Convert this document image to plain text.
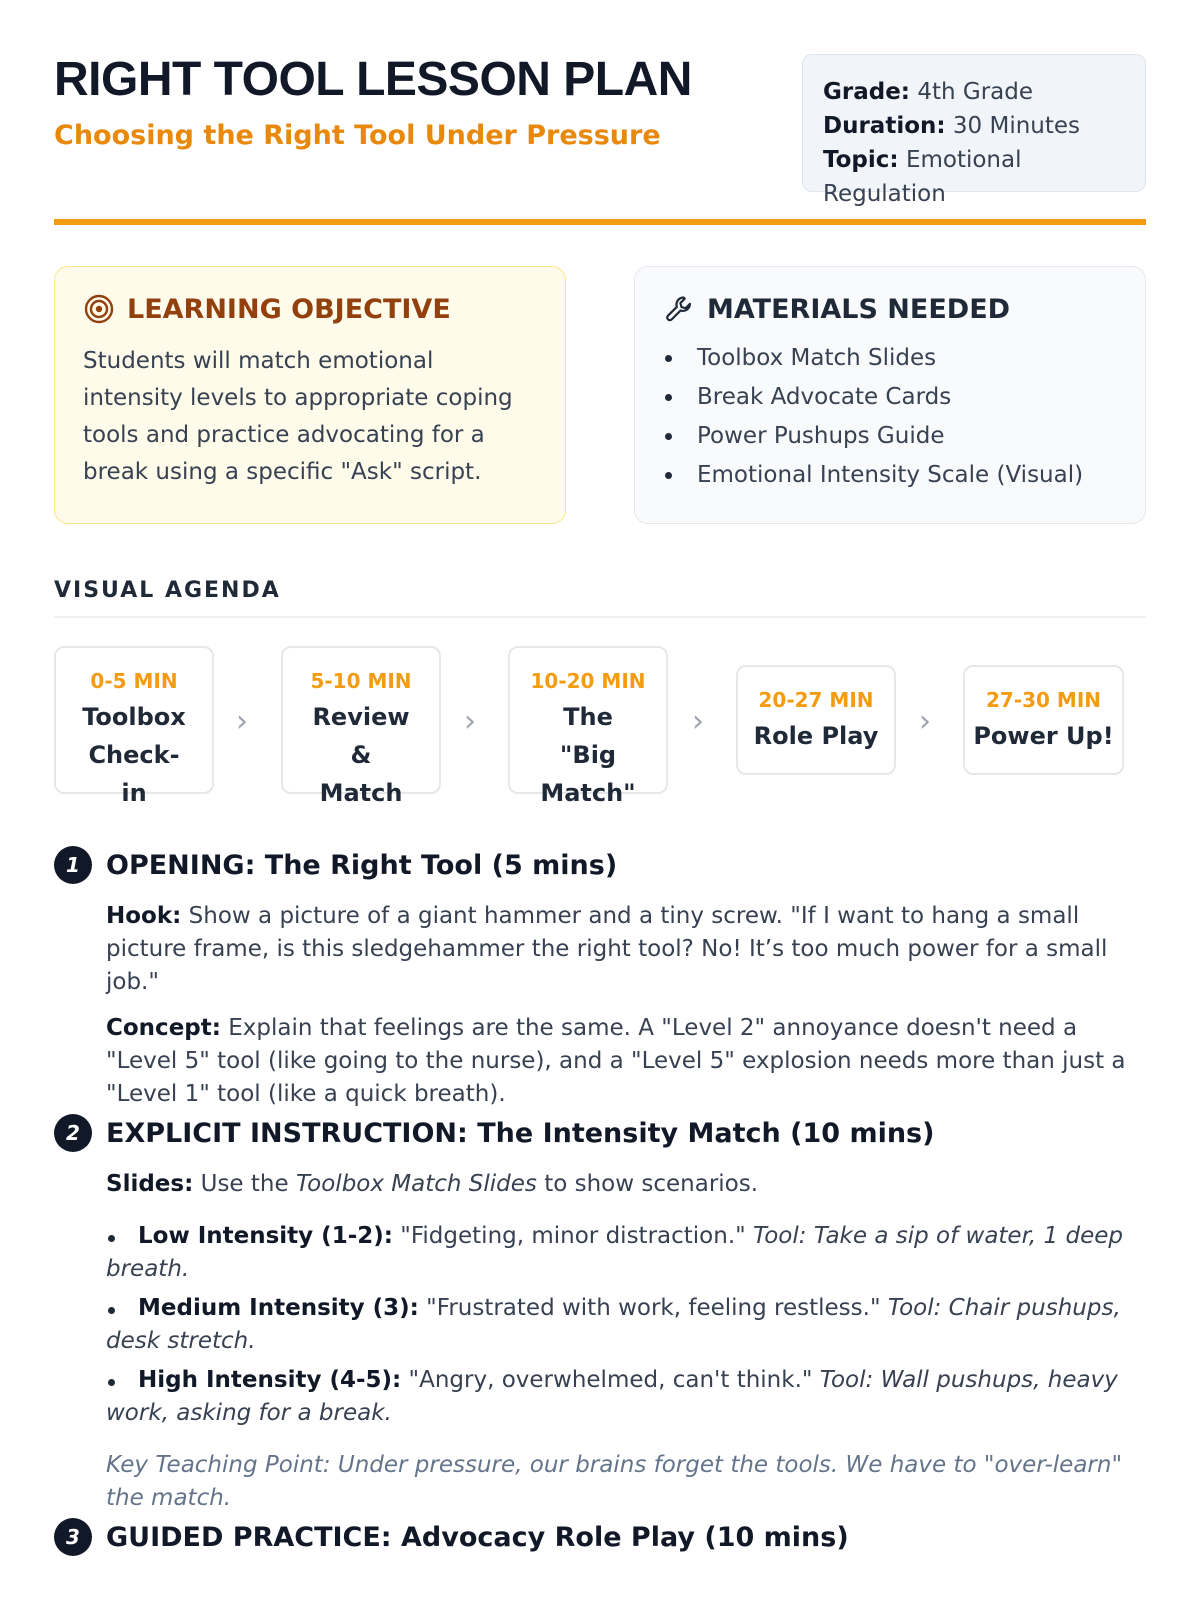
RIGHT TOOL LESSON PLAN
Choosing the Right Tool Under Pressure
Grade: 4th Grade
Duration: 30 Minutes
Topic: Emotional Regulation
LEARNING OBJECTIVE

Students will match emotional intensity levels to appropriate coping tools and practice advocating for a break using a specific "Ask" script.

MATERIALS NEEDED
Toolbox Match Slides
Break Advocate Cards
Power Pushups Guide
Emotional Intensity Scale (Visual)
VISUAL AGENDA
0-5 MIN
Toolbox Check-in
›
5-10 MIN
Review & Match
›
10-20 MIN
The "Big Match"
›
20-27 MIN
Role Play	›
27-30 MIN
Power Up!
1 OPENING: The Right Tool (5 mins)

Hook: Show a picture of a giant hammer and a tiny screw. "If I want to hang a small picture frame, is this sledgehammer the right tool? No! It’s too much power for a small job."

Concept: Explain that feelings are the same. A "Level 2" annoyance doesn't need a "Level 5" tool (like going to the nurse), and a "Level 5" explosion needs more than just a "Level 1" tool (like a quick breath).

2 EXPLICIT INSTRUCTION: The Intensity Match (10 mins)

Slides: Use the Toolbox Match Slides to show scenarios.

Low Intensity (1-2): "Fidgeting, minor distraction." Tool: Take a sip of water, 1 deep breath.
Medium Intensity (3): "Frustrated with work, feeling restless." Tool: Chair pushups, desk stretch.
High Intensity (4-5): "Angry, overwhelmed, can't think." Tool: Wall pushups, heavy work, asking for a break.

Key Teaching Point: Under pressure, our brains forget the tools. We have to "over-learn" the match.

3 GUIDED PRACTICE: Advocacy Role Play (10 mins)
